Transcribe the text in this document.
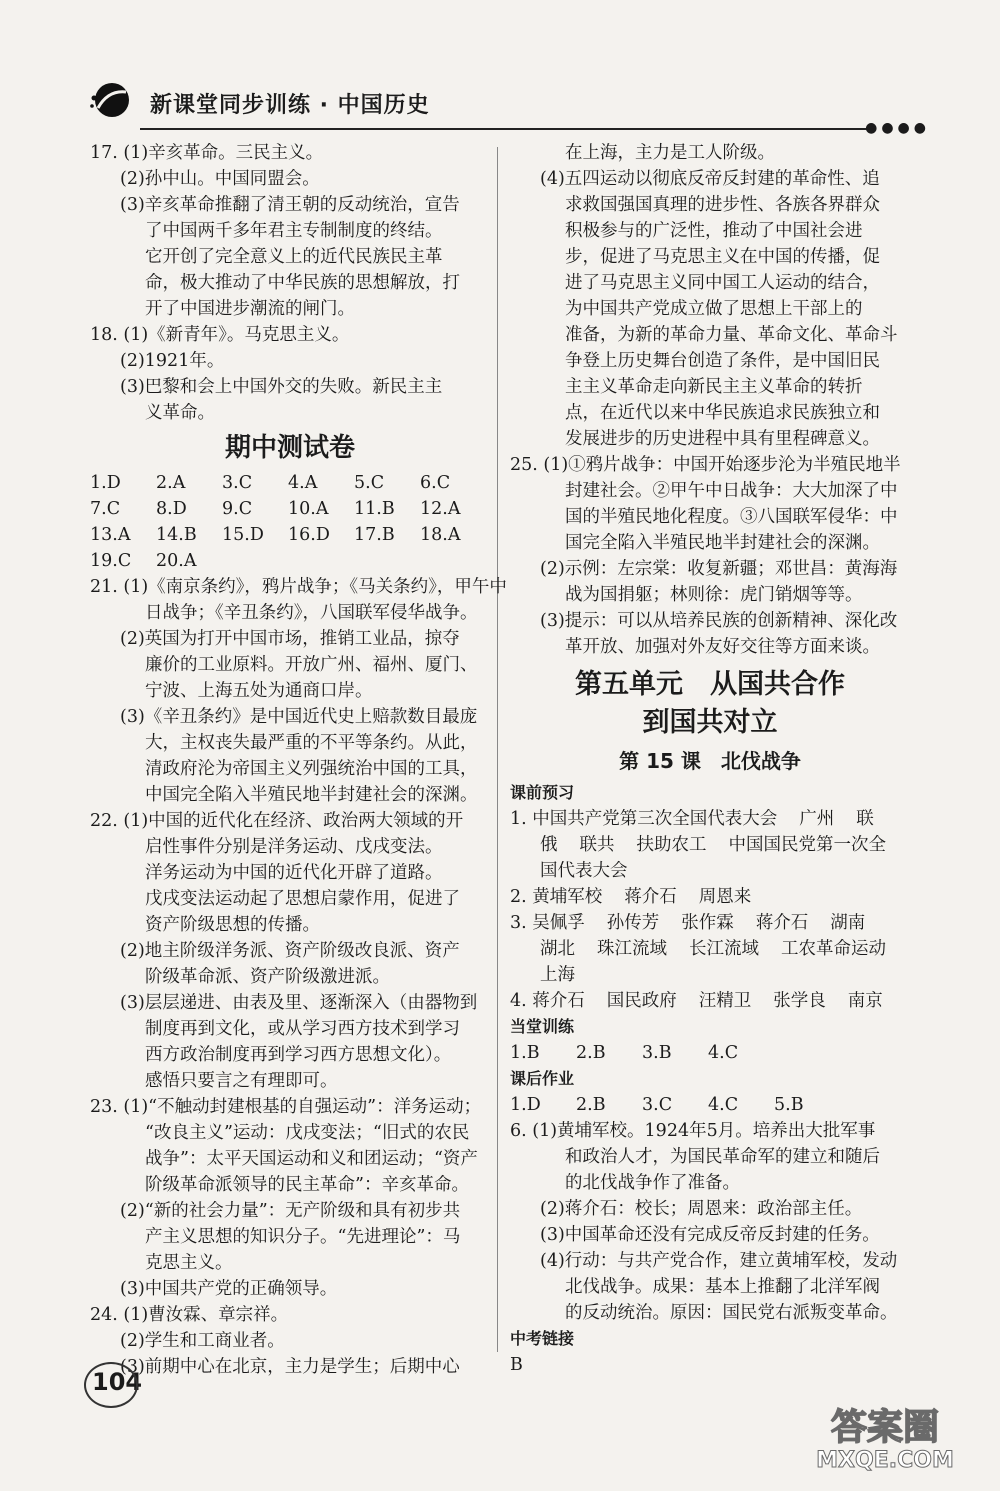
新课堂同步训练 · 中国历史
●●●●
17. (1)辛亥革命。三民主义。
(2)孙中山。中国同盟会。
(3)辛亥革命推翻了清王朝的反动统治，宣告
了中国两千多年君主专制制度的终结。
它开创了完全意义上的近代民族民主革
命，极大推动了中华民族的思想解放，打
开了中国进步潮流的闸门。
18. (1)《新青年》。马克思主义。
(2)1921年。
(3)巴黎和会上中国外交的失败。新民主主
义革命。
期中测试卷
1.D	2.A	3.C	4.A	5.C	6.C
7.C	8.D	9.C	10.A	11.B	12.A
13.A	14.B	15.D	16.D	17.B	18.A
19.C	20.A
21. (1)《南京条约》，鸦片战争；《马关条约》，甲午中
日战争；《辛丑条约》，八国联军侵华战争。
(2)英国为打开中国市场，推销工业品，掠夺
廉价的工业原料。开放广州、福州、厦门、
宁波、上海五处为通商口岸。
(3)《辛丑条约》是中国近代史上赔款数目最庞
大，主权丧失最严重的不平等条约。从此，
清政府沦为帝国主义列强统治中国的工具，
中国完全陷入半殖民地半封建社会的深渊。
22. (1)中国的近代化在经济、政治两大领域的开
启性事件分别是洋务运动、戊戌变法。
洋务运动为中国的近代化开辟了道路。
戊戌变法运动起了思想启蒙作用，促进了
资产阶级思想的传播。
(2)地主阶级洋务派、资产阶级改良派、资产
阶级革命派、资产阶级激进派。
(3)层层递进、由表及里、逐渐深入（由器物到
制度再到文化，或从学习西方技术到学习
西方政治制度再到学习西方思想文化）。
感悟只要言之有理即可。
23. (1)“不触动封建根基的自强运动”：洋务运动；
“改良主义”运动：戊戌变法；“旧式的农民
战争”：太平天国运动和义和团运动；“资产
阶级革命派领导的民主革命”：辛亥革命。
(2)“新的社会力量”：无产阶级和具有初步共
产主义思想的知识分子。“先进理论”：马
克思主义。
(3)中国共产党的正确领导。
24. (1)曹汝霖、章宗祥。
(2)学生和工商业者。
(3)前期中心在北京，主力是学生；后期中心
在上海，主力是工人阶级。
(4)五四运动以彻底反帝反封建的革命性、追
求救国强国真理的进步性、各族各界群众
积极参与的广泛性，推动了中国社会进
步，促进了马克思主义在中国的传播，促
进了马克思主义同中国工人运动的结合，
为中国共产党成立做了思想上干部上的
准备，为新的革命力量、革命文化、革命斗
争登上历史舞台创造了条件，是中国旧民
主主义革命走向新民主主义革命的转折
点，在近代以来中华民族追求民族独立和
发展进步的历史进程中具有里程碑意义。
25. (1)①鸦片战争：中国开始逐步沦为半殖民地半
封建社会。②甲午中日战争：大大加深了中
国的半殖民地化程度。③八国联军侵华：中
国完全陷入半殖民地半封建社会的深渊。
(2)示例：左宗棠：收复新疆；邓世昌：黄海海
战为国捐躯；林则徐：虎门销烟等等。
(3)提示：可以从培养民族的创新精神、深化改
革开放、加强对外友好交往等方面来谈。
第五单元　从国共合作
到国共对立
第 15 课　北伐战争
课前预习
1. 中国共产党第三次全国代表大会 广州 联
俄 联共 扶助农工 中国国民党第一次全
国代表大会
2. 黄埔军校 蒋介石 周恩来
3. 吴佩孚 孙传芳 张作霖 蒋介石 湖南
湖北 珠江流域 长江流域 工农革命运动
上海
4. 蒋介石 国民政府 汪精卫 张学良 南京
当堂训练
1.B	2.B	3.B	4.C
课后作业
1.D	2.B	3.C	4.C	5.B
6. (1)黄埔军校。1924年5月。培养出大批军事
和政治人才，为国民革命军的建立和随后
的北伐战争作了准备。
(2)蒋介石：校长；周恩来：政治部主任。
(3)中国革命还没有完成反帝反封建的任务。
(4)行动：与共产党合作，建立黄埔军校，发动
北伐战争。成果：基本上推翻了北洋军阀
的反动统治。原因：国民党右派叛变革命。
中考链接
B
104
答案圈
MXQE.COM
